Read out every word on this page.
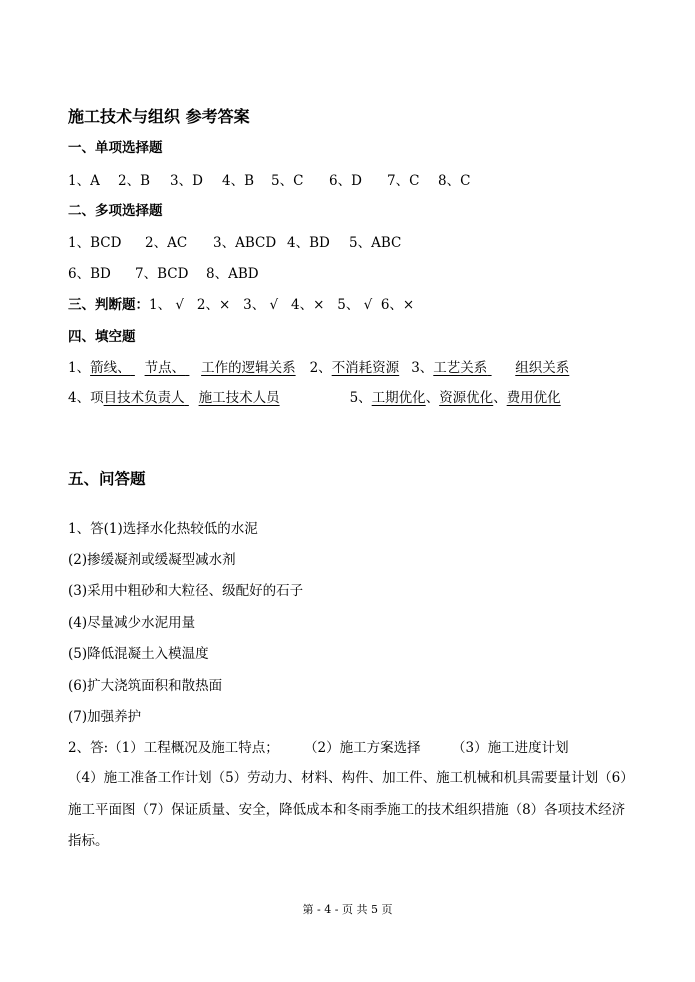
施工技术与组织 参考答案
一、单项选择题
1、A 2、B 3、D 4、B 5、C 6、D 7、C 8、C
二、多项选择题
1、BCD 2、AC 3、ABCD 4、BD 5、ABC
6、BD 7、BCD 8、ABD
三、判断题：1、 √   2、×   3、 √   4、×   5、 √  6、×
四、填空题
1、箭线、 节点、 工作的逻辑关系 2、不消耗资源 3、工艺关系 组织关系
4、项目技术负责人 施工技术人员	5、工期优化、资源优化、费用优化
五、问答题
1、答(1)选择水化热较低的水泥
(2)掺缓凝剂或缓凝型减水剂
(3)采用中粗砂和大粒径、级配好的石子
(4)尽量减少水泥用量
(5)降低混凝土入模温度
(6)扩大浇筑面积和散热面
(7)加强养护
2、答:（1）工程概况及施工特点； （2）施工方案选择 （3）施工进度计划
（4）施工准备工作计划（5）劳动力、材料、构件、加工件、施工机械和机具需要量计划（6）施工平面图（7）保证质量、安全，降低成本和冬雨季施工的技术组织措施（8）各项技术经济指标。
第 - 4 - 页 共 5 页
